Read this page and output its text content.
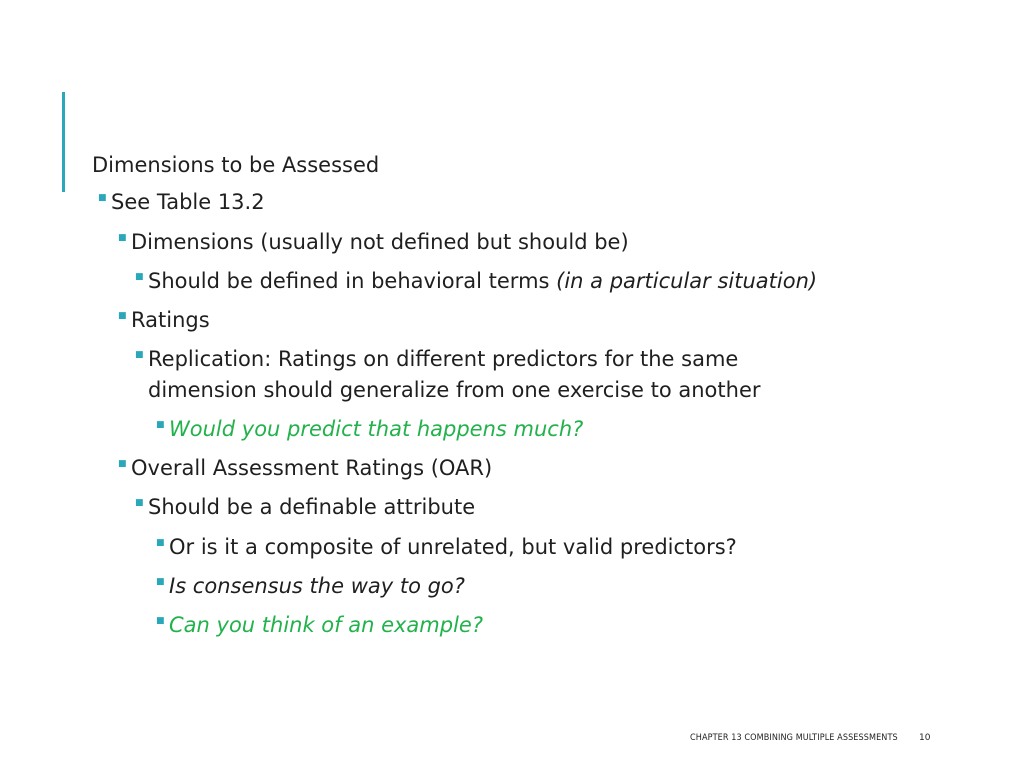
Dimensions to be Assessed
■ See Table 13.2
■ Dimensions (usually not defined but should be)
■ Should be defined in behavioral terms (in a particular situation)
■ Ratings
■ Replication: Ratings on different predictors for the same
dimension should generalize from one exercise to another
■ Would you predict that happens much?
■ Overall Assessment Ratings (OAR)
■ Should be a definable attribute
■ Or is it a composite of unrelated, but valid predictors?
■ Is consensus the way to go?
■ Can you think of an example?
CHAPTER 13 COMBINING MULTIPLE ASSESSMENTS 10
